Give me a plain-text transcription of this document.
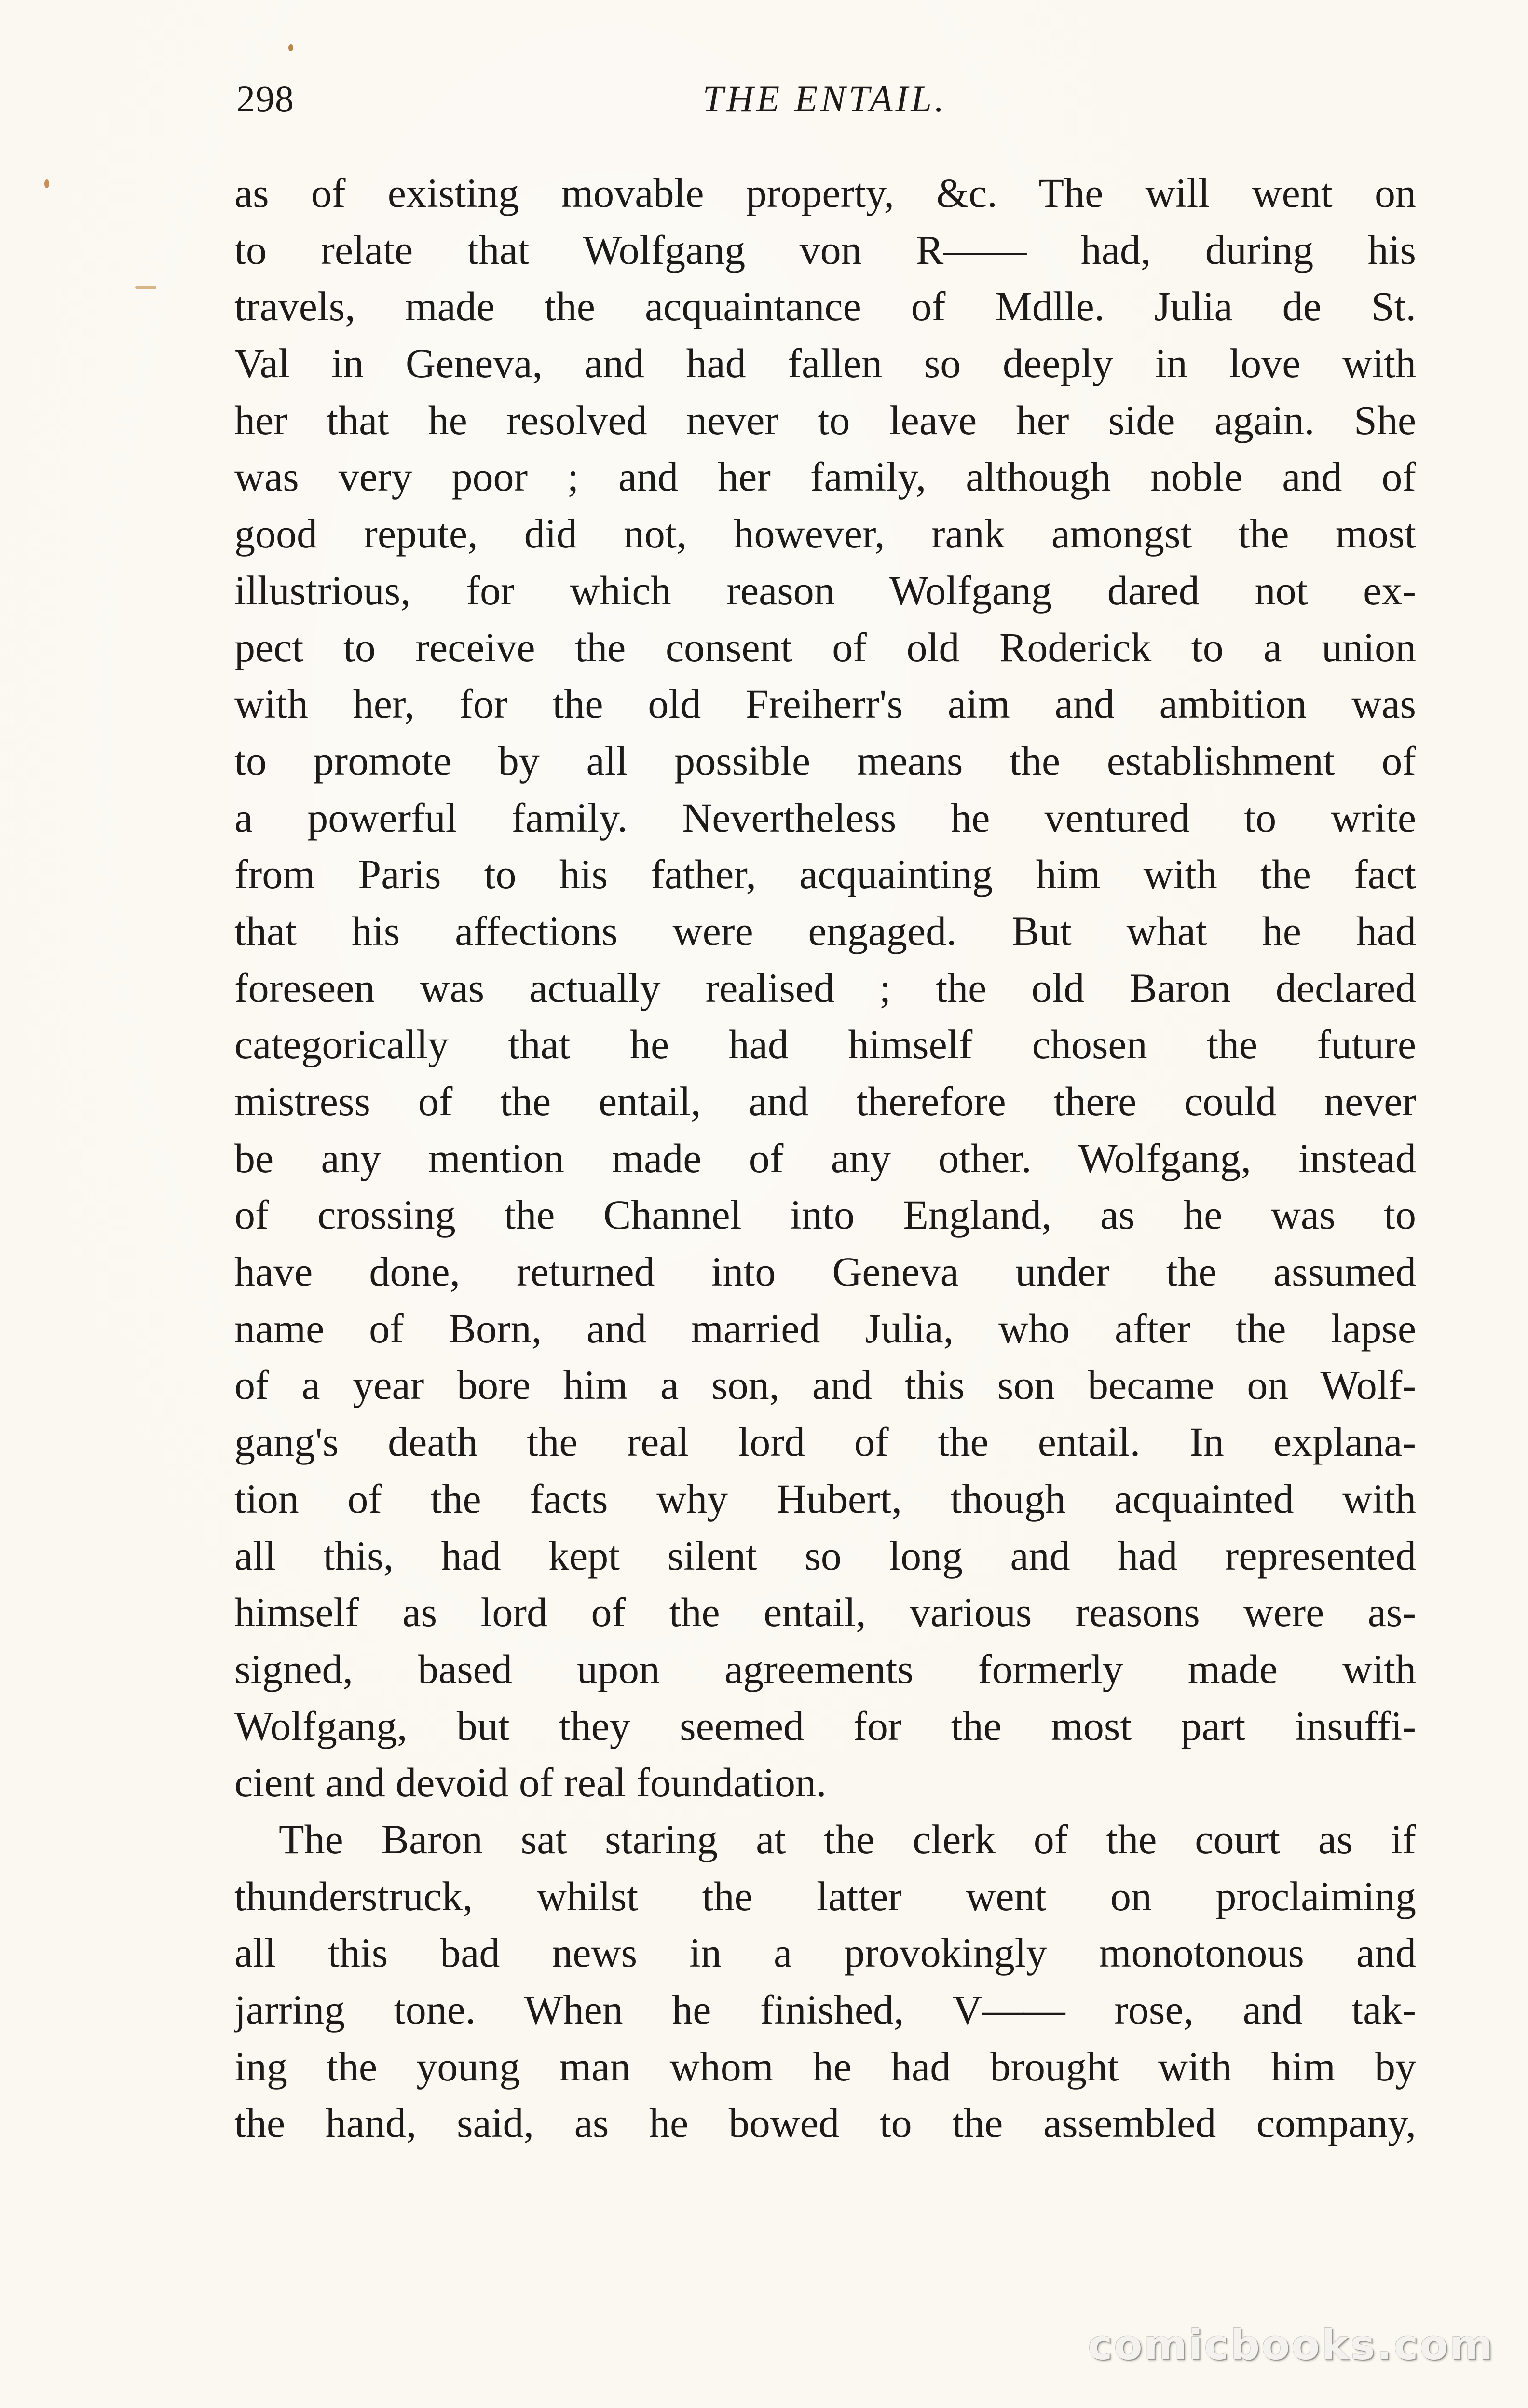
298	THE ENTAIL.
as of existing movable property, &c. The will went on
to relate that Wolfgang von R—— had, during his
travels, made the acquaintance of Mdlle. Julia de St.
Val in Geneva, and had fallen so deeply in love with
her that he resolved never to leave her side again. She
was very poor ; and her family, although noble and of
good repute, did not, however, rank amongst the most
illustrious, for which reason Wolfgang dared not ex-
pect to receive the consent of old Roderick to a union
with her, for the old Freiherr's aim and ambition was
to promote by all possible means the establishment of
a powerful family. Nevertheless he ventured to write
from Paris to his father, acquainting him with the fact
that his affections were engaged. But what he had
foreseen was actually realised ; the old Baron declared
categorically that he had himself chosen the future
mistress of the entail, and therefore there could never
be any mention made of any other. Wolfgang, instead
of crossing the Channel into England, as he was to
have done, returned into Geneva under the assumed
name of Born, and married Julia, who after the lapse
of a year bore him a son, and this son became on Wolf-
gang's death the real lord of the entail. In explana-
tion of the facts why Hubert, though acquainted with
all this, had kept silent so long and had represented
himself as lord of the entail, various reasons were as-
signed, based upon agreements formerly made with
Wolfgang, but they seemed for the most part insuffi-
cient and devoid of real foundation.
The Baron sat staring at the clerk of the court as if
thunderstruck, whilst the latter went on proclaiming
all this bad news in a provokingly monotonous and
jarring tone. When he finished, V—— rose, and tak-
ing the young man whom he had brought with him by
the hand, said, as he bowed to the assembled company,
comicbooks.com
